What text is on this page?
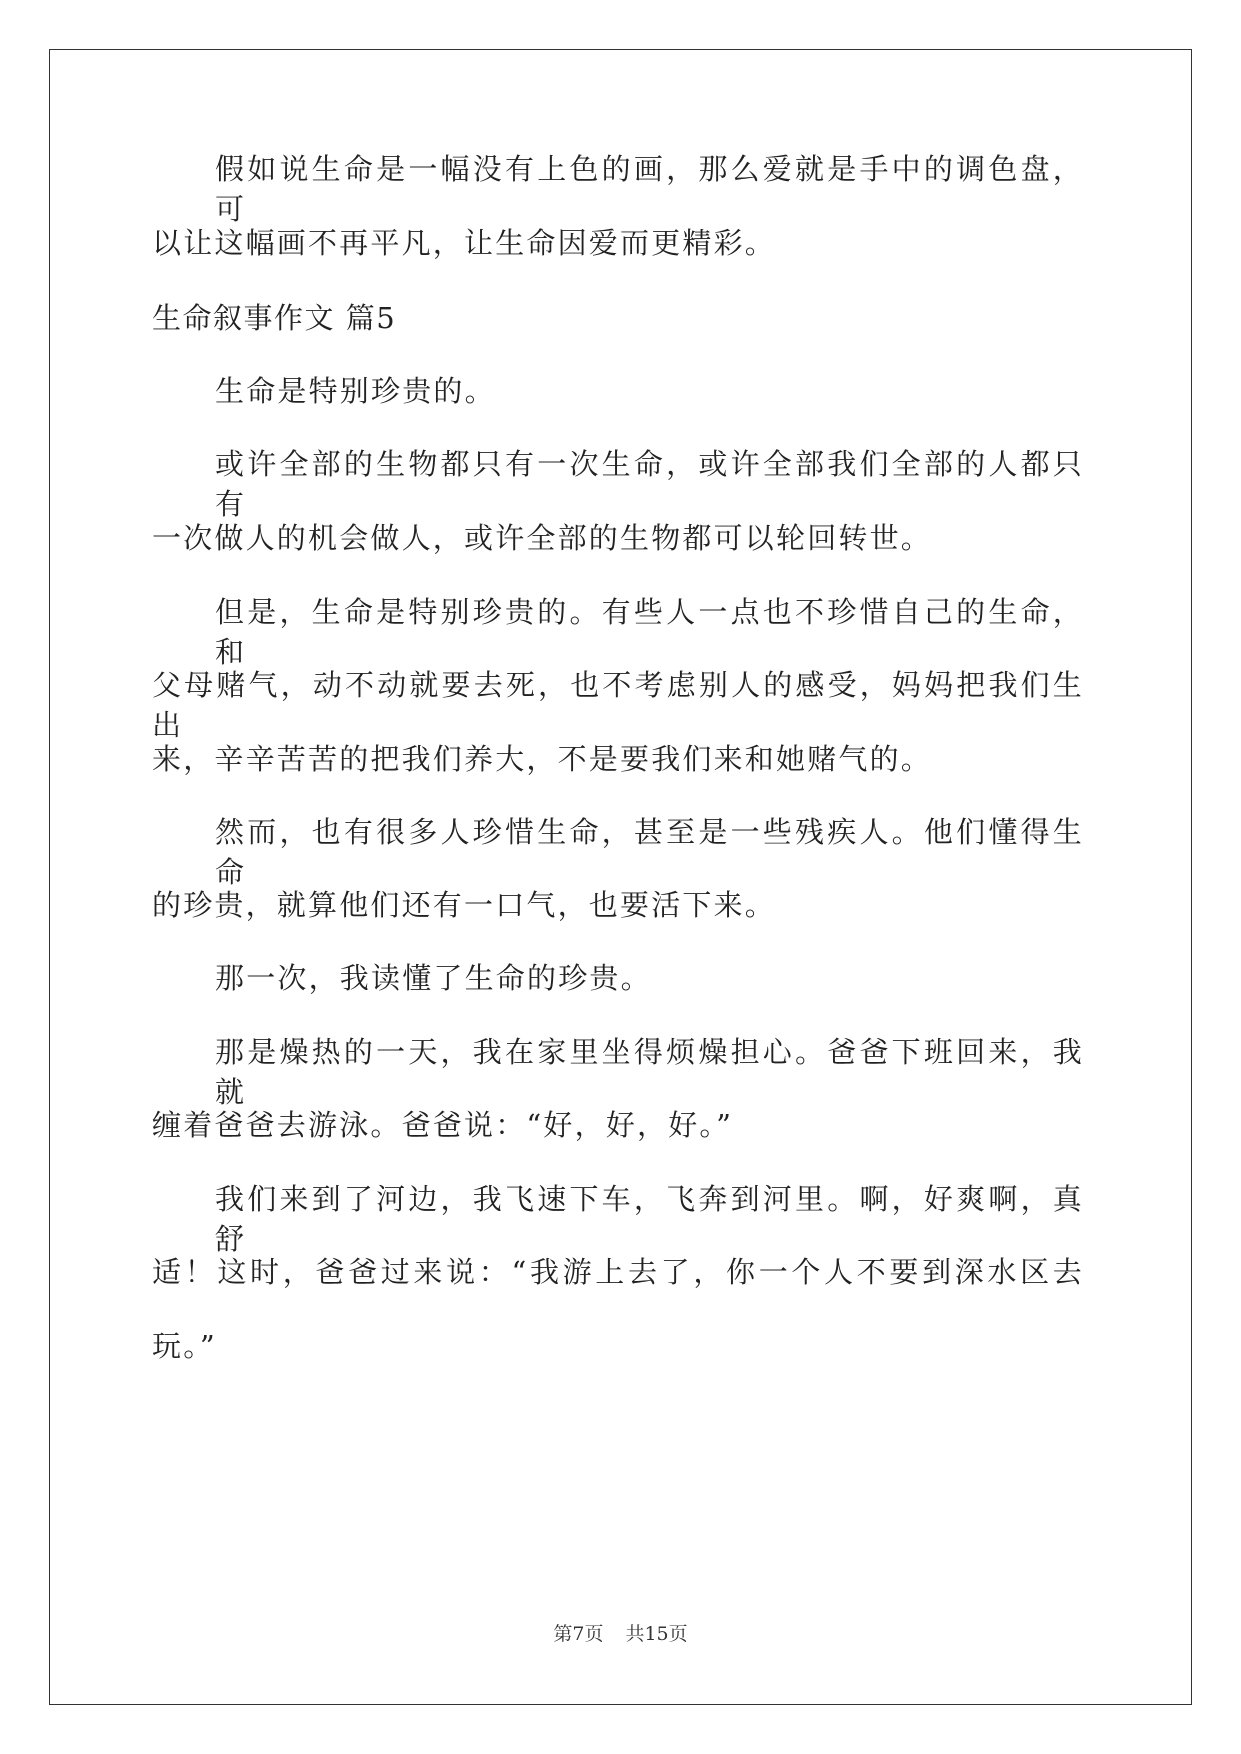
假如说生命是一幅没有上色的画，那么爱就是手中的调色盘，可
以让这幅画不再平凡，让生命因爱而更精彩。
生命叙事作文 篇5
生命是特别珍贵的。
或许全部的生物都只有一次生命，或许全部我们全部的人都只有
一次做人的机会做人，或许全部的生物都可以轮回转世。
但是，生命是特别珍贵的。有些人一点也不珍惜自己的生命，和
父母赌气，动不动就要去死，也不考虑别人的感受，妈妈把我们生出
来，辛辛苦苦的把我们养大，不是要我们来和她赌气的。
然而，也有很多人珍惜生命，甚至是一些残疾人。他们懂得生命
的珍贵，就算他们还有一口气，也要活下来。
那一次，我读懂了生命的珍贵。
那是燥热的一天，我在家里坐得烦燥担心。爸爸下班回来，我就
缠着爸爸去游泳。爸爸说：“好，好，好。”
我们来到了河边，我飞速下车，飞奔到河里。啊，好爽啊，真舒
适！这时，爸爸过来说：“我游上去了，你一个人不要到深水区去
玩。”
第7页 共15页
